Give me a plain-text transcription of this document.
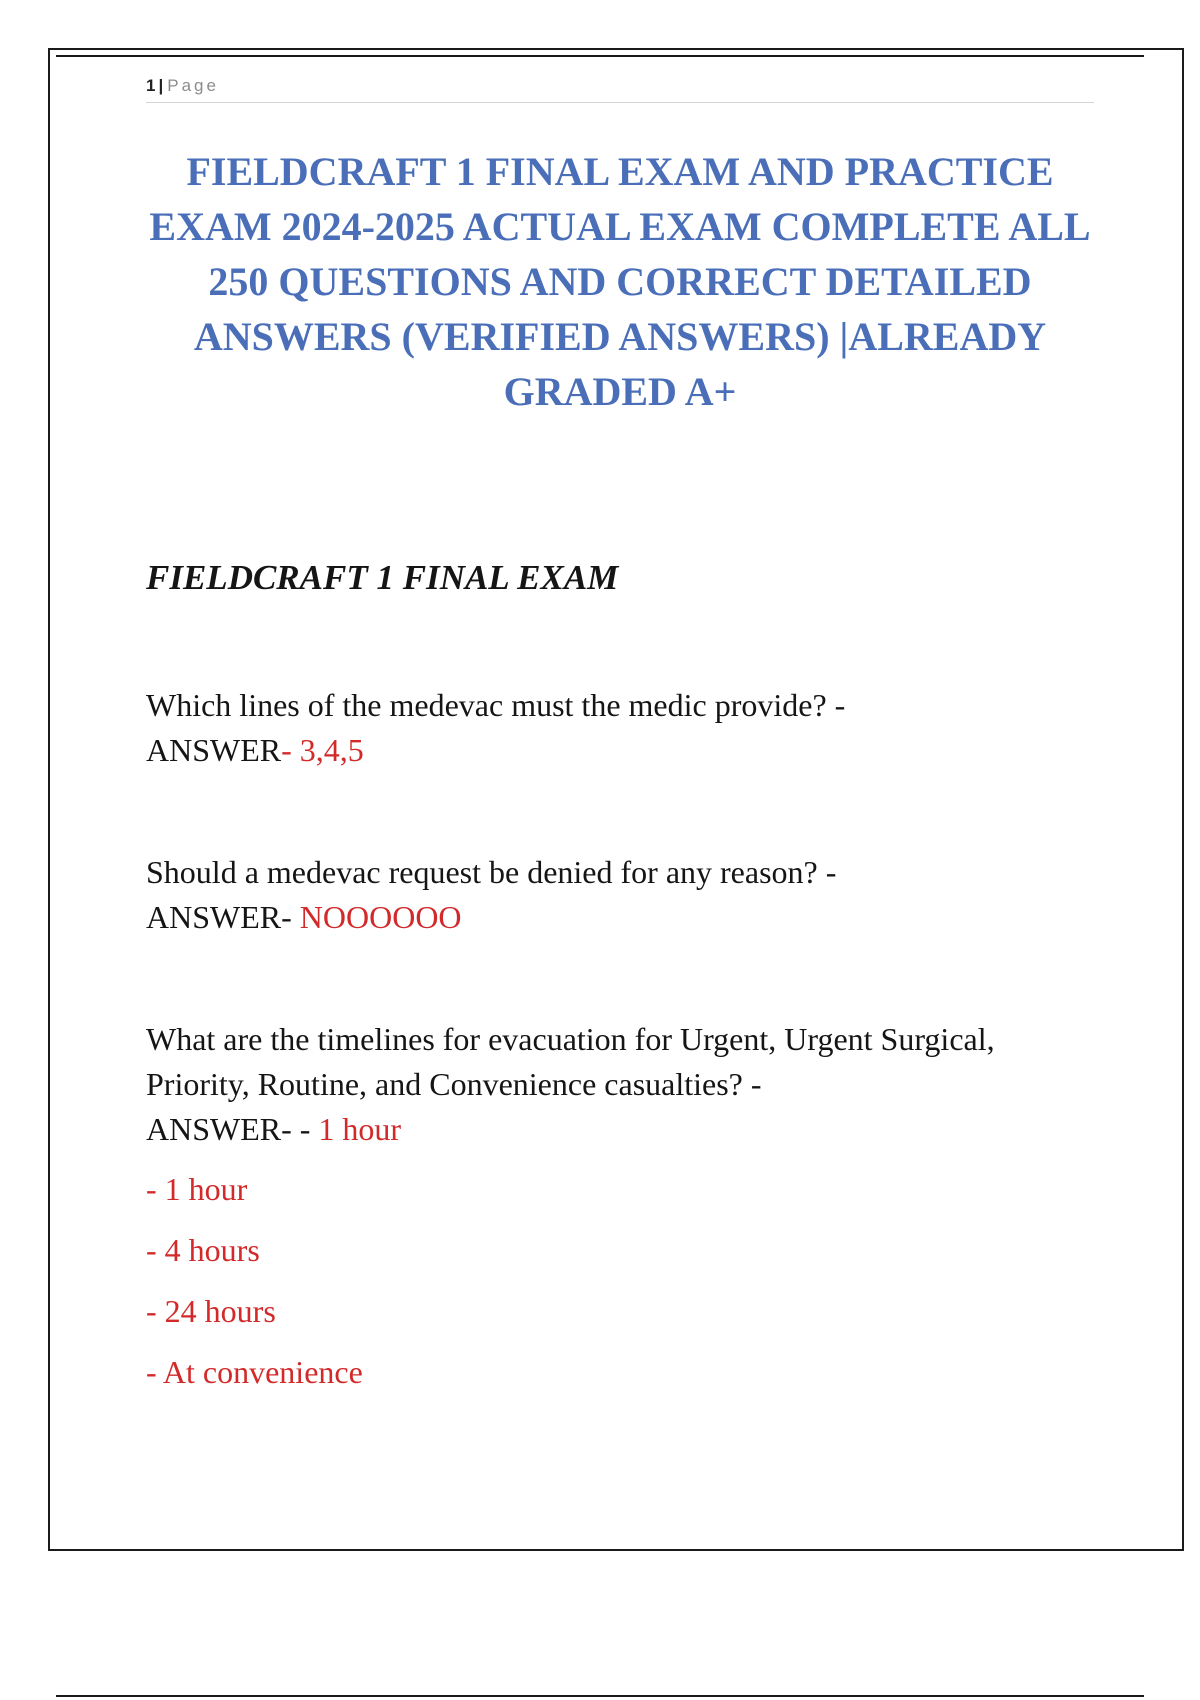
1 | Page
FIELDCRAFT 1 FINAL EXAM AND PRACTICE EXAM 2024-2025 ACTUAL EXAM COMPLETE ALL 250 QUESTIONS AND CORRECT DETAILED ANSWERS (VERIFIED ANSWERS) |ALREADY GRADED A+
FIELDCRAFT 1 FINAL EXAM

Which lines of the medevac must the medic provide? -
ANSWER- 3,4,5

Should a medevac request be denied for any reason? -
ANSWER- NOOOOOO

What are the timelines for evacuation for Urgent, Urgent Surgical, Priority, Routine, and Convenience casualties? -
ANSWER- - 1 hour

- 1 hour
- 4 hours
- 24 hours
- At convenience
